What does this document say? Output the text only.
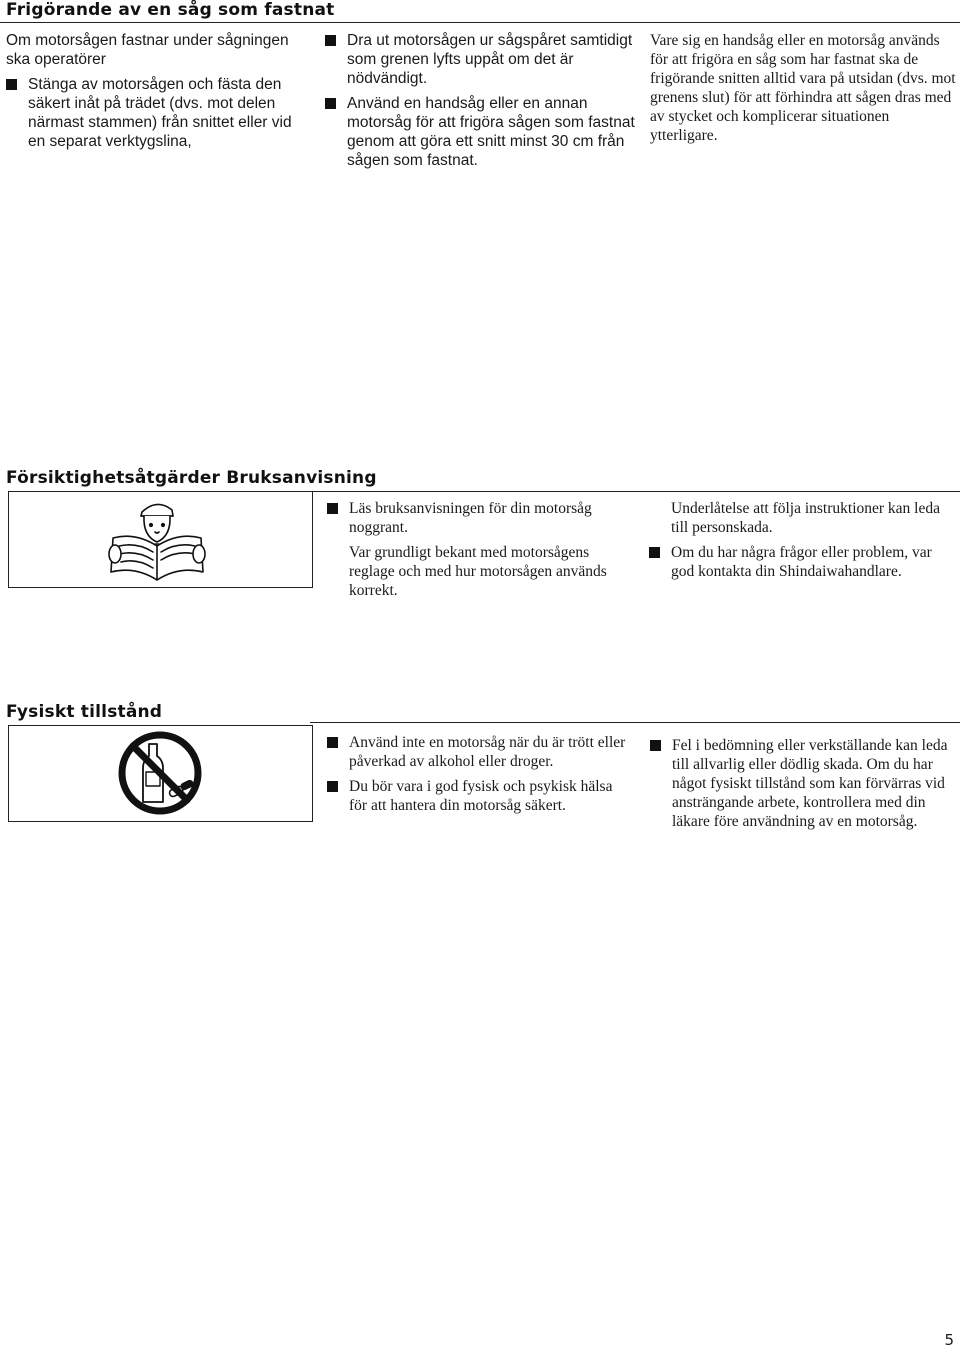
Frigörande av en såg som fastnat

Om motorsågen fastnar under sågningen ska operatörer

Stänga av motorsågen och fästa den säkert inåt på trädet (dvs. mot delen närmast stammen) från snittet eller vid en separat verktygslina,
Dra ut motorsågen ur sågspåret samtidigt som grenen lyfts uppåt om det är nödvändigt.
Använd en handsåg eller en annan motorsåg för att frigöra sågen som fastnat genom att göra ett snitt minst 30 cm från sågen som fastnat.

Vare sig en handsåg eller en motorsåg används för att frigöra en såg som har fastnat ska de frigörande snitten alltid vara på utsidan (dvs. mot grenens slut) för att förhindra att sågen dras med av stycket och komplicerar situationen ytterligare.

Försiktighetsåtgärder Bruksanvisning
Läs bruksanvisningen för din motorsåg noggrant.

Var grundligt bekant med motorsågens reglage och med hur motorsågen används korrekt.

Underlåtelse att följa instruktioner kan leda till personskada.

Om du har några frågor eller problem, var god kontakta din Shindaiwahandlare.
Fysiskt tillstånd
Använd inte en motorsåg när du är trött eller påverkad av alkohol eller droger.
Du bör vara i god fysisk och psykisk hälsa för att hantera din motorsåg säkert.
Fel i bedömning eller verkställande kan leda till allvarlig eller dödlig skada. Om du har något fysiskt tillstånd som kan förvärras vid ansträngande arbete, kontrollera med din läkare före användning av en motorsåg.
5
